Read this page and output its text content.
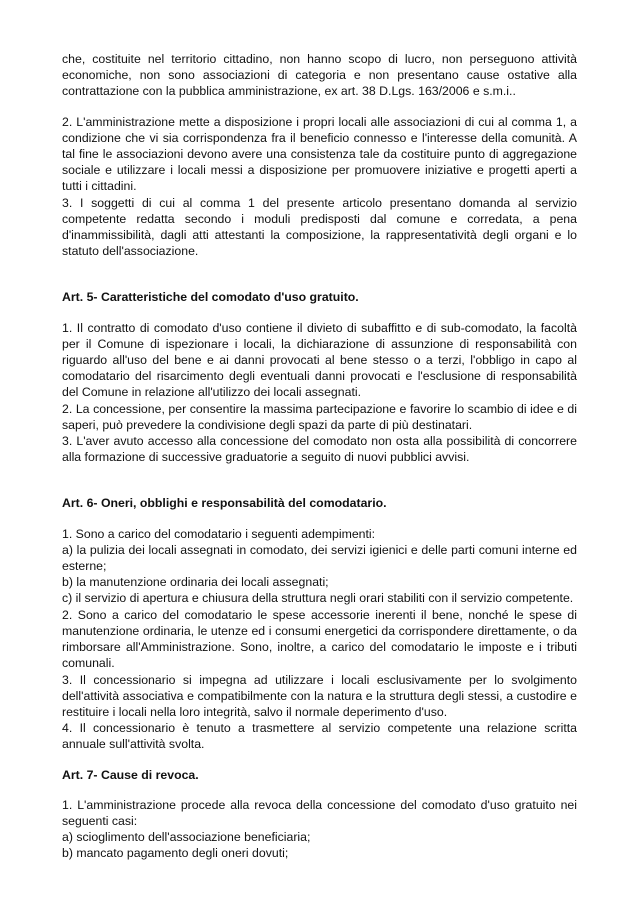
che, costituite nel territorio cittadino, non hanno scopo di lucro, non perseguono attività economiche, non sono associazioni di categoria e non presentano cause ostative alla contrattazione con la pubblica amministrazione, ex art. 38 D.Lgs. 163/2006 e s.m.i..

2. L'amministrazione mette a disposizione i propri locali alle associazioni di cui al comma 1, a condizione che vi sia corrispondenza fra il beneficio connesso e l'interesse della comunità. A tal fine le associazioni devono avere una consistenza tale da costituire punto di aggregazione sociale e utilizzare i locali messi a disposizione per promuovere iniziative e progetti aperti a tutti i cittadini.

3. I soggetti di cui al comma 1 del presente articolo presentano domanda al servizio competente redatta secondo i moduli predisposti dal comune e corredata, a pena d'inammissibilità, dagli atti attestanti la composizione, la rappresentatività degli organi e lo statuto dell'associazione.

Art. 5- Caratteristiche del comodato d'uso gratuito.

1. Il contratto di comodato d'uso contiene il divieto di subaffitto e di sub-comodato, la facoltà per il Comune di ispezionare i locali, la dichiarazione di assunzione di responsabilità con riguardo all'uso del bene e ai danni provocati al bene stesso o a terzi, l'obbligo in capo al comodatario del risarcimento degli eventuali danni provocati e l'esclusione di responsabilità del Comune in relazione all'utilizzo dei locali assegnati.

2. La concessione, per consentire la massima partecipazione e favorire lo scambio di idee e di saperi, può prevedere la condivisione degli spazi da parte di più destinatari.

3. L'aver avuto accesso alla concessione del comodato non osta alla possibilità di concorrere alla formazione di successive graduatorie a seguito di nuovi pubblici avvisi.

Art. 6- Oneri, obblighi e responsabilità del comodatario.

1. Sono a carico del comodatario i seguenti adempimenti:

a) la pulizia dei locali assegnati in comodato, dei servizi igienici e delle parti comuni interne ed esterne;

b) la manutenzione ordinaria dei locali assegnati;

c) il servizio di apertura e chiusura della struttura negli orari stabiliti con il servizio competente.

2. Sono a carico del comodatario le spese accessorie inerenti il bene, nonché le spese di manutenzione ordinaria, le utenze ed i consumi energetici da corrispondere direttamente, o da rimborsare all'Amministrazione. Sono, inoltre, a carico del comodatario le imposte e i tributi comunali.

3. Il concessionario si impegna ad utilizzare i locali esclusivamente per lo svolgimento dell'attività associativa e compatibilmente con la natura e la struttura degli stessi, a custodire e restituire i locali nella loro integrità, salvo il normale deperimento d'uso.

4. Il concessionario è tenuto a trasmettere al servizio competente una relazione scritta annuale sull'attività svolta.

Art. 7- Cause di revoca.

1. L'amministrazione procede alla revoca della concessione del comodato d'uso gratuito nei seguenti casi:

a) scioglimento dell'associazione beneficiaria;

b) mancato pagamento degli oneri dovuti;
